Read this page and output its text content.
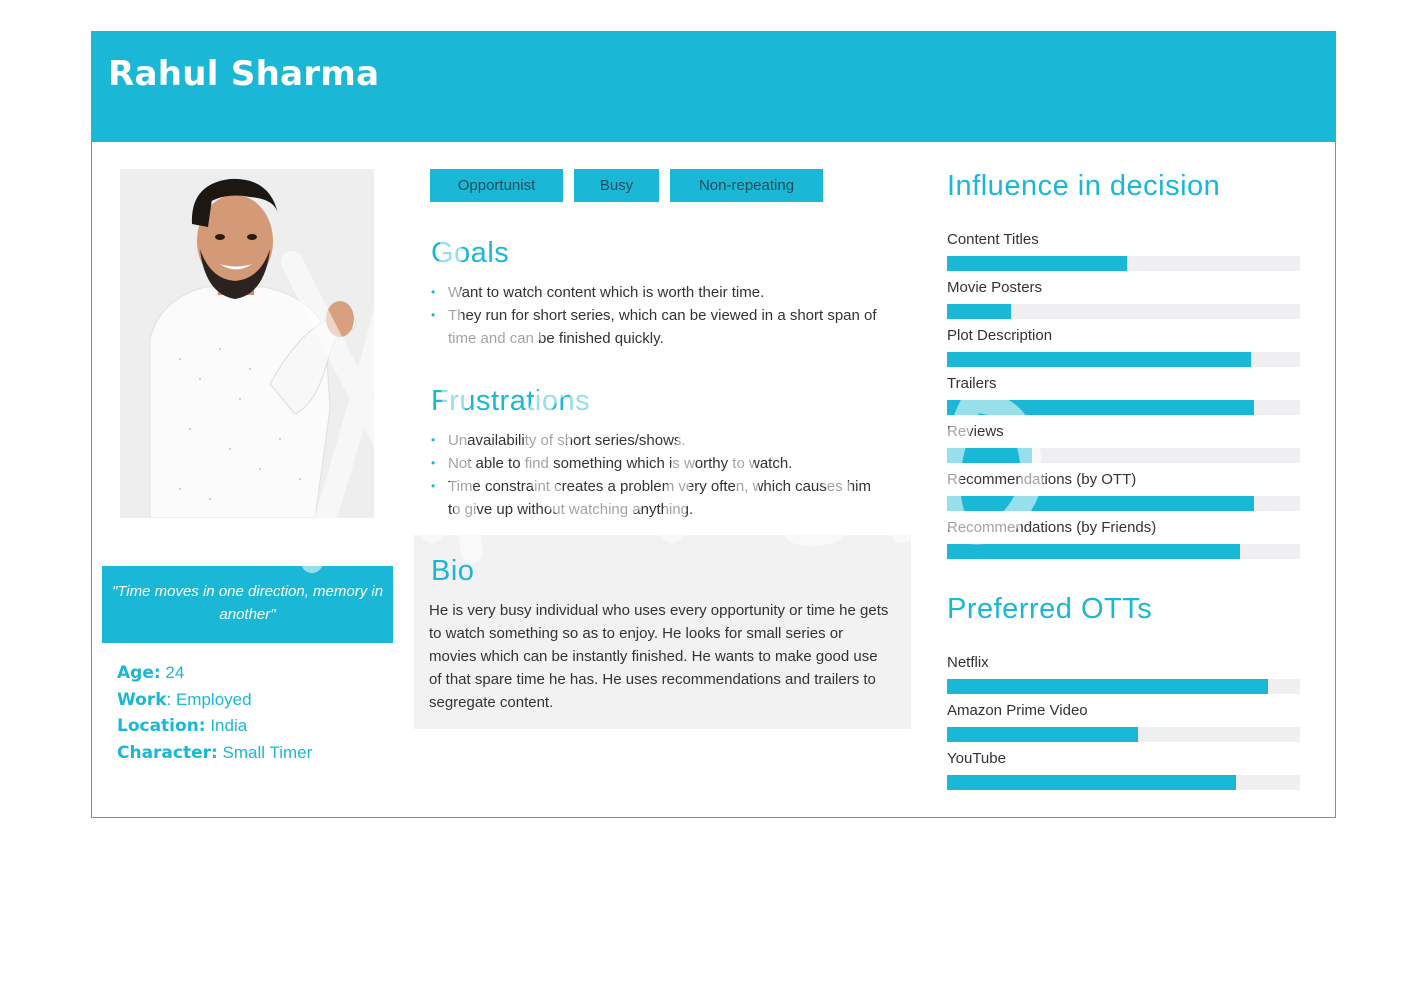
Rahul Sharma
"Time moves in one direction, memory in another"
Age: 24
Work: Employed
Location: India
Character: Small Timer
Opportunist	Busy	Non-repeating
Goals
• Want to watch content which is worth their time.
• They run for short series, which can be viewed in a short span of time and can be finished quickly.
Frustrations
• Unavailability of short series/shows.
• Not able to find something which is worthy to watch.
• Time constraint creates a problem very often, which causes him to give up without watching anything.
Bio
He is very busy individual who uses every opportunity or time he gets to watch something so as to enjoy. He looks for small series or movies which can be instantly finished. He wants to make good use of that spare time he has. He uses recommendations and trailers to segregate content.
Influence in decision
Content Titles
Movie Posters
Plot Description
Trailers
Reviews
Recommendations (by OTT)
Recommendations (by Friends)
Preferred OTTs
Netflix
Amazon Prime Video
YouTube
